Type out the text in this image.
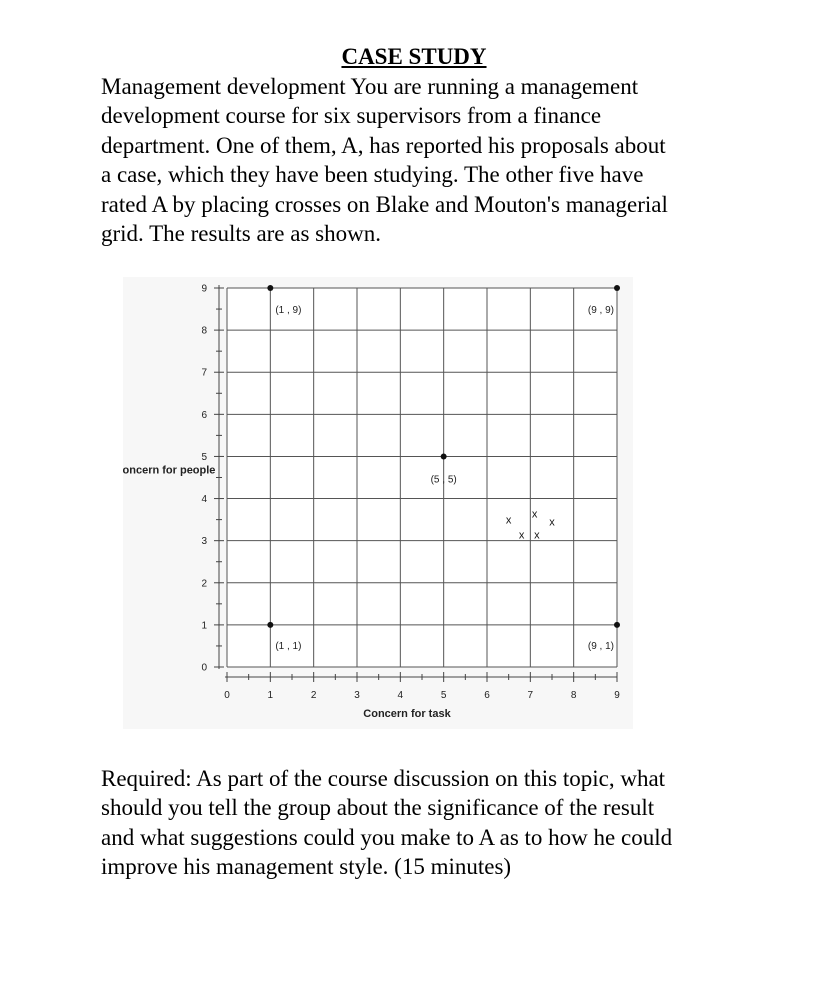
CASE STUDY
Management development You are running a management
development course for six supervisors from a finance
department. One of them, A, has reported his proposals about
a case, which they have been studying. The other five have
rated A by placing crosses on Blake and Mouton's managerial
grid. The results are as shown.
0
1
2
3
4
5
6
7
8
9
0	1	2	3	4	5	6	7	8	9
Concern for task
Concern for people
(1 , 9)	(9 , 9)
(5 , 5)
(1 , 1)	(9 , 1)
x
x
x
x x
Required: As part of the course discussion on this topic, what
should you tell the group about the significance of the result
and what suggestions could you make to A as to how he could
improve his management style. (15 minutes)
